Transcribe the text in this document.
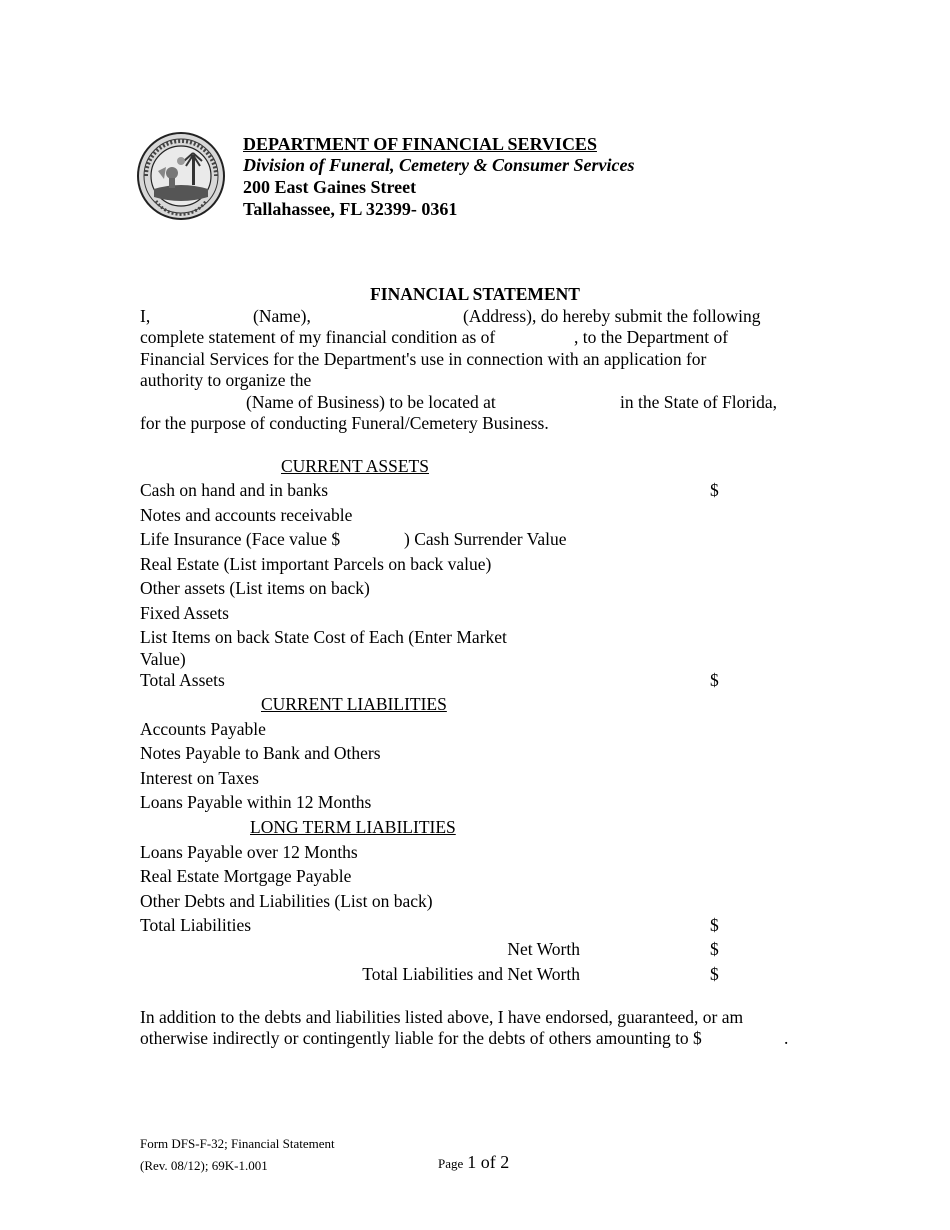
DEPARTMENT OF FINANCIAL SERVICES
Division of Funeral, Cemetery & Consumer Services
200 East Gaines Street
Tallahassee, FL 32399- 0361
FINANCIAL STATEMENT
I,	(Name),	(Address), do hereby submit the following
complete statement of my financial condition as of	, to the Department of
Financial Services for the Department's use in connection with an application for
authority to organize the
(Name of Business) to be located at	in the State of Florida,
for the purpose of conducting Funeral/Cemetery Business.
CURRENT ASSETS
Cash on hand and in banks	$
Notes and accounts receivable
Life Insurance (Face value $	) Cash Surrender Value
Real Estate (List important Parcels on back value)
Other assets (List items on back)
Fixed Assets
List Items on back State Cost of Each (Enter Market
Value)
Total Assets	$
CURRENT LIABILITIES
Accounts Payable
Notes Payable to Bank and Others
Interest on Taxes
Loans Payable within 12 Months
LONG TERM LIABILITIES
Loans Payable over 12 Months
Real Estate Mortgage Payable
Other Debts and Liabilities (List on back)
Total Liabilities	$
Net Worth	$
Total Liabilities and Net Worth	$
In addition to the debts and liabilities listed above, I have endorsed, guaranteed, or am
otherwise indirectly or contingently liable for the debts of others amounting to $	.
Form DFS-F-32; Financial Statement
(Rev. 08/12); 69K-1.001	Page 1 of 2
